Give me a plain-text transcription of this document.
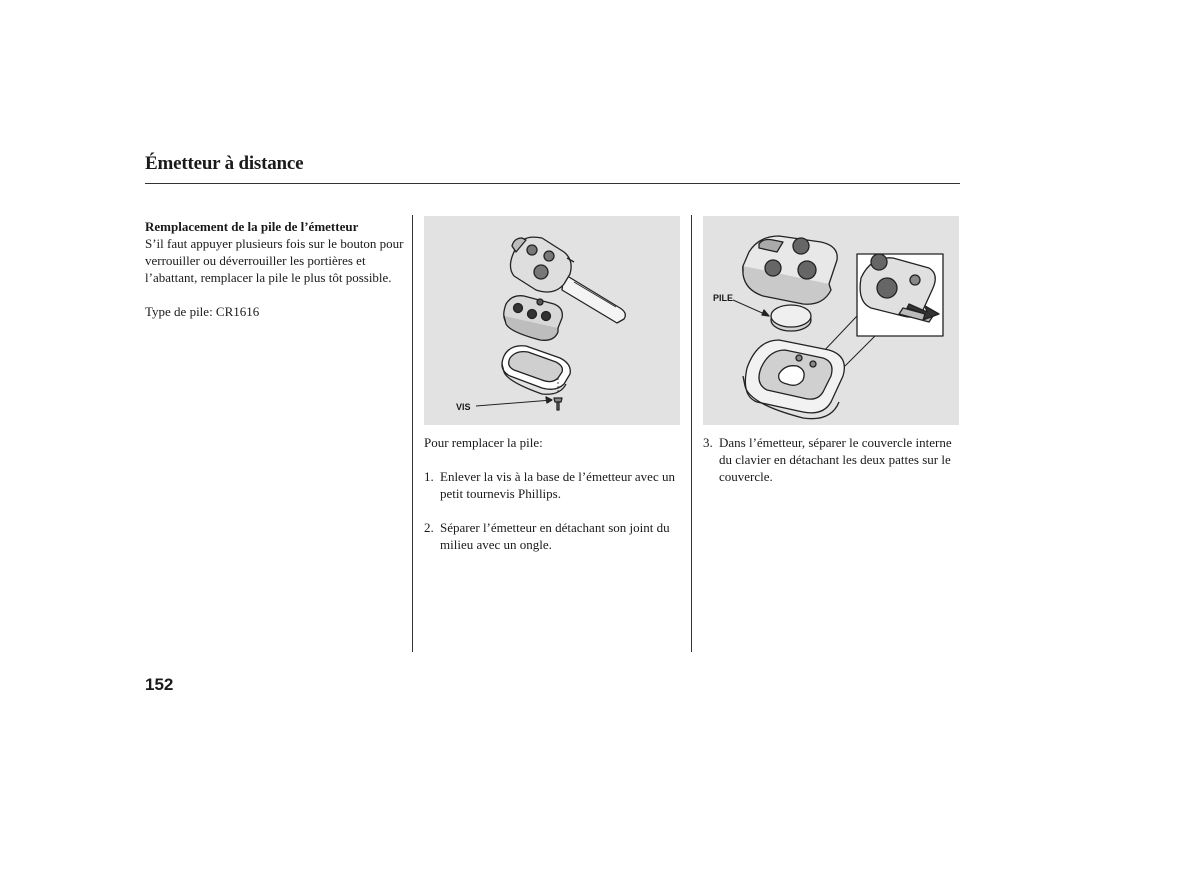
Émetteur à distance

Remplacement de la pile de l’émetteur

S’il faut appuyer plusieurs fois sur le bouton pour verrouiller ou déverrouiller les portières et l’abattant, remplacer la pile le plus tôt possible.

Type de pile: CR1616

VIS
PILE
Pour remplacer la pile:
1. Enlever la vis à la base de l’émetteur avec un petit tournevis Phillips.
2. Séparer l’émetteur en détachant son joint du milieu avec un ongle.
3. Dans l’émetteur, séparer le couvercle interne du clavier en détachant les deux pattes sur le couvercle.
152
